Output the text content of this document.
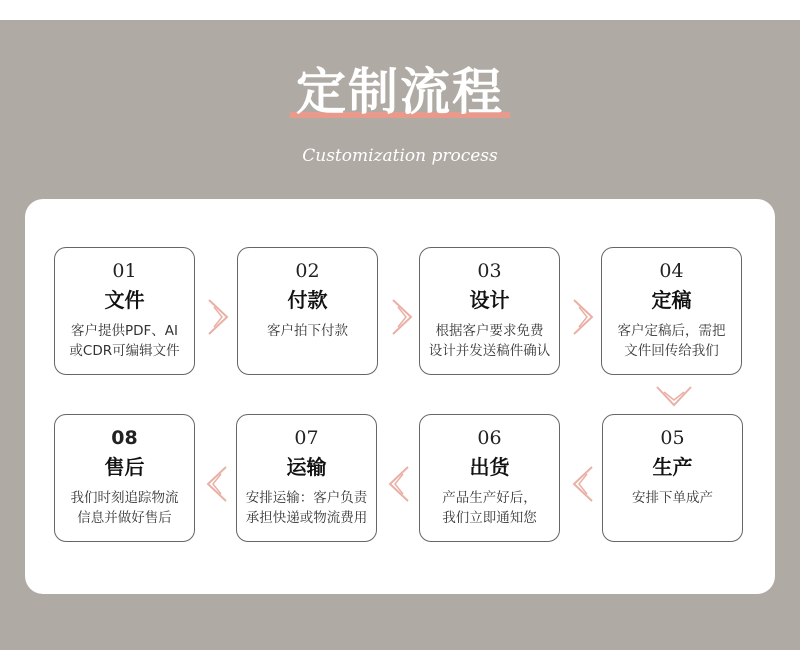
定制流程
Customization process
01
文件
客户提供PDF、AI
或CDR可编辑文件
02
付款
客户拍下付款
03
设计
根据客户要求免费
设计并发送稿件确认
04
定稿
客户定稿后，需把
文件回传给我们
08
售后
我们时刻追踪物流
信息并做好售后
07
运输
安排运输：客户负责
承担快递或物流费用
06
出货
产品生产好后，
我们立即通知您
05
生产
安排下单成产
